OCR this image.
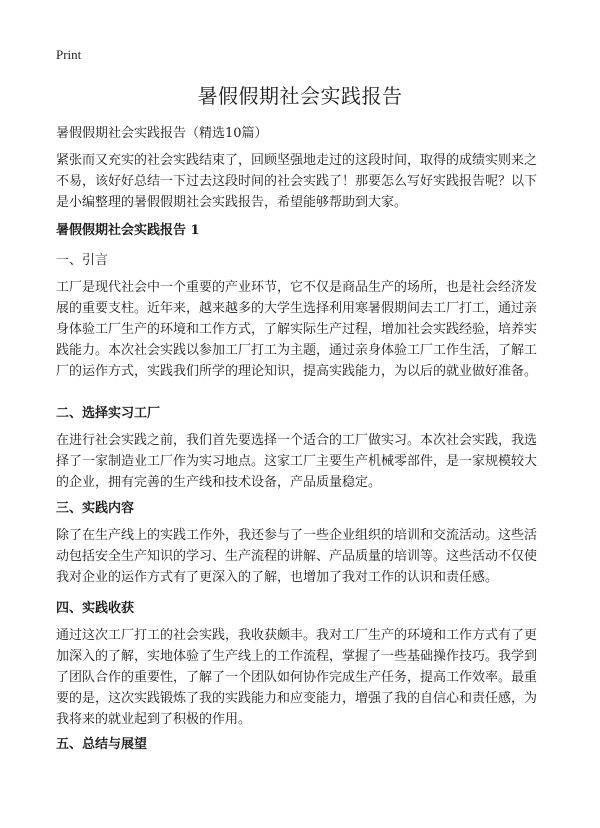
Print
暑假假期社会实践报告

暑假假期社会实践报告（精选10篇）

紧张而又充实的社会实践结束了，回顾坚强地走过的这段时间，取得的成绩实则来之不易，该好好总结一下过去这段时间的社会实践了！那要怎么写好实践报告呢？以下是小编整理的暑假假期社会实践报告，希望能够帮助到大家。

暑假假期社会实践报告 1

一、引言

工厂是现代社会中一个重要的产业环节，它不仅是商品生产的场所，也是社会经济发展的重要支柱。近年来，越来越多的大学生选择利用寒暑假期间去工厂打工，通过亲身体验工厂生产的环境和工作方式，了解实际生产过程，增加社会实践经验，培养实践能力。本次社会实践以参加工厂打工为主题，通过亲身体验工厂工作生活，了解工厂的运作方式，实践我们所学的理论知识，提高实践能力，为以后的就业做好准备。

二、选择实习工厂

在进行社会实践之前，我们首先要选择一个适合的工厂做实习。本次社会实践，我选择了一家制造业工厂作为实习地点。这家工厂主要生产机械零部件，是一家规模较大的企业，拥有完善的生产线和技术设备，产品质量稳定。

三、实践内容

除了在生产线上的实践工作外，我还参与了一些企业组织的培训和交流活动。这些活动包括安全生产知识的学习、生产流程的讲解、产品质量的培训等。这些活动不仅使我对企业的运作方式有了更深入的了解，也增加了我对工作的认识和责任感。

四、实践收获

通过这次工厂打工的社会实践，我收获颇丰。我对工厂生产的环境和工作方式有了更加深入的了解，实地体验了生产线上的工作流程，掌握了一些基础操作技巧。我学到了团队合作的重要性，了解了一个团队如何协作完成生产任务，提高工作效率。最重要的是，这次实践锻炼了我的实践能力和应变能力，增强了我的自信心和责任感，为我将来的就业起到了积极的作用。

五、总结与展望
